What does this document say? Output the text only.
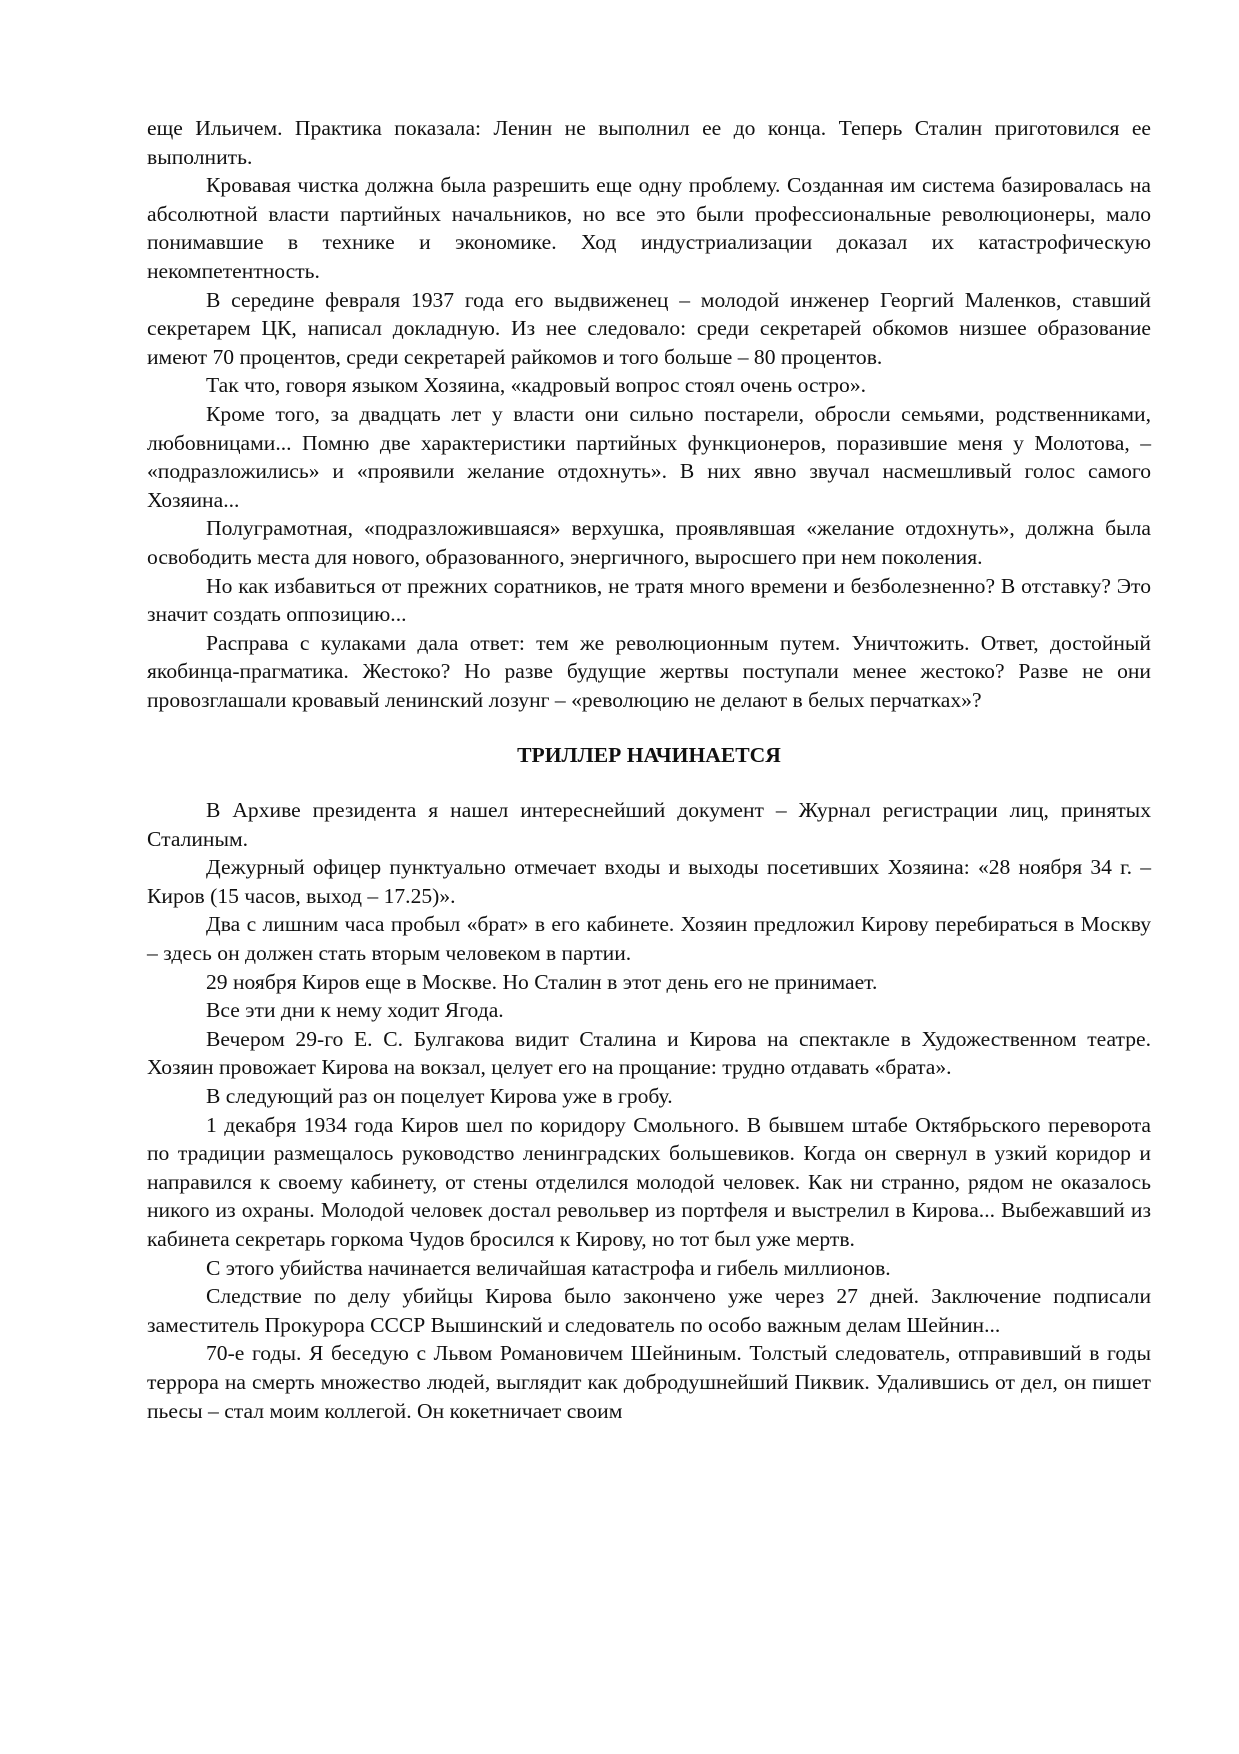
еще Ильичем. Практика показала: Ленин не выполнил ее до конца. Теперь Сталин приготовился ее выполнить.

Кровавая чистка должна была разрешить еще одну проблему. Созданная им система базировалась на абсолютной власти партийных начальников, но все это были профессиональные революционеры, мало понимавшие в технике и экономике. Ход индустриализации доказал их катастрофическую некомпетентность.

В середине февраля 1937 года его выдвиженец – молодой инженер Георгий Маленков, ставший секретарем ЦК, написал докладную. Из нее следовало: среди секретарей обкомов низшее образование имеют 70 процентов, среди секретарей райкомов и того больше – 80 процентов.

Так что, говоря языком Хозяина, «кадровый вопрос стоял очень остро».

Кроме того, за двадцать лет у власти они сильно постарели, обросли семьями, родственниками, любовницами... Помню две характеристики партийных функционеров, поразившие меня у Молотова, – «подразложились» и «проявили желание отдохнуть». В них явно звучал насмешливый голос самого Хозяина...

Полуграмотная, «подразложившаяся» верхушка, проявлявшая «желание отдохнуть», должна была освободить места для нового, образованного, энергичного, выросшего при нем поколения.

Но как избавиться от прежних соратников, не тратя много времени и безболезненно? В отставку? Это значит создать оппозицию...

Расправа с кулаками дала ответ: тем же революционным путем. Уничтожить. Ответ, достойный якобинца-прагматика. Жестоко? Но разве будущие жертвы поступали менее жестоко? Разве не они провозглашали кровавый ленинский лозунг – «революцию не делают в белых перчатках»?

ТРИЛЛЕР НАЧИНАЕТСЯ

В Архиве президента я нашел интереснейший документ – Журнал регистрации лиц, принятых Сталиным.

Дежурный офицер пунктуально отмечает входы и выходы посетивших Хозяина: «28 ноября 34 г. – Киров (15 часов, выход – 17.25)».

Два с лишним часа пробыл «брат» в его кабинете. Хозяин предложил Кирову перебираться в Москву – здесь он должен стать вторым человеком в партии.

29 ноября Киров еще в Москве. Но Сталин в этот день его не принимает.

Все эти дни к нему ходит Ягода.

Вечером 29-го Е. С. Булгакова видит Сталина и Кирова на спектакле в Художественном театре. Хозяин провожает Кирова на вокзал, целует его на прощание: трудно отдавать «брата».

В следующий раз он поцелует Кирова уже в гробу.

1 декабря 1934 года Киров шел по коридору Смольного. В бывшем штабе Октябрьского переворота по традиции размещалось руководство ленинградских большевиков. Когда он свернул в узкий коридор и направился к своему кабинету, от стены отделился молодой человек. Как ни странно, рядом не оказалось никого из охраны. Молодой человек достал револьвер из портфеля и выстрелил в Кирова... Выбежавший из кабинета секретарь горкома Чудов бросился к Кирову, но тот был уже мертв.

С этого убийства начинается величайшая катастрофа и гибель миллионов.

Следствие по делу убийцы Кирова было закончено уже через 27 дней. Заключение подписали заместитель Прокурора СССР Вышинский и следователь по особо важным делам Шейнин...

70-е годы. Я беседую с Львом Романовичем Шейниным. Толстый следователь, отправивший в годы террора на смерть множество людей, выглядит как добродушнейший Пиквик. Удалившись от дел, он пишет пьесы – стал моим коллегой. Он кокетничает своим
